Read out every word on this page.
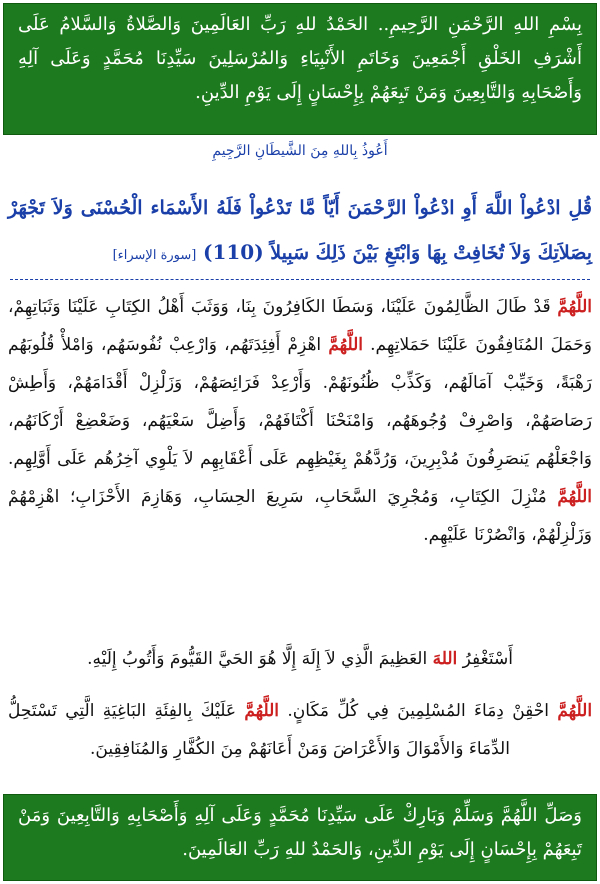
بِسْمِ اللهِ الرَّحْمَنِ الرَّحِيمِ.. الحَمْدُ للهِ رَبِّ العَالَمِينَ وَالصَّلاةُ وَالسَّلامُ عَلَى أَشْرَفِ الخَلْقِ أَجْمَعِينَ وَخَاتَمِ الأَنْبِيَاءِ وَالمُرْسَلِينَ سَيِّدِنَا مُحَمَّدٍ وَعَلَى آلِهِ وَأَصْحَابِهِ وَالتَّابِعِينَ وَمَنْ تَبِعَهُمْ بِإِحْسَانٍ إِلَى يَوْمِ الدِّينِ.
أَعُوذُ بِاللهِ مِنَ الشَّيطَانِ الرَّجِيمِ
قُلِ ادْعُواْ اللَّهَ أَوِ ادْعُواْ الرَّحْمَنَ أَيّاً مَّا تَدْعُواْ فَلَهُ الأَسْمَاء الْحُسْنَى وَلاَ تَجْهَرْ بِصَلاَتِكَ وَلاَ تُخَافِتْ بِهَا وَابْتَغِ بَيْنَ ذَلِكَ سَبِيلاً (110) [سورة الإسراء]
اللَّهُمَّ قَدْ طَالَ الظَّالِمُونَ عَلَيْنَا، وَسَطَا الكَافِرُونَ بِنَا، وَوَثَبَ أَهْلُ الكِتَابِ عَلَيْنَا وَثَبَاتِهِمْ، وَحَمَلَ المُنَافِقُونَ عَلَيْنَا حَمَلاتِهِم. اللَّهُمَّ اهْزِمْ أَفِئِدَتَهُم، وَارْعِبْ نُفُوسَهُم، وَامْلأْ قُلُوبَهُم رَهْبَةً، وَخَيِّبْ آمَالَهُم، وَكَذِّبْ ظُنُونَهُمْ. وَأَرْعِدْ فَرَائِصَهُمْ، وَزَلْزِلْ أَقْدَامَهُمْ، وَأَطِشْ رَصَاصَهُمْ، وَاصْرِفْ وُجُوهَهُم، وَامْنَحْنَا أَكْتَافَهُمْ، وَأَضِلَّ سَعْيَهُم، وَضَعْضِعْ أَرْكَانَهُم، وَاجْعَلْهُم يَنصَرِفُونَ مُدْبِرِينَ، وَرُدَّهُمْ بِغَيْظِهِم عَلَى أَعْقَابِهِم لاَ يَلْوِي آخِرُهُم عَلَى أَوَّلِهِم. اللَّهُمَّ مُنْزِلَ الكِتَابِ، وَمُجْرِيَ السَّحَابِ، سَرِيعَ الحِسَابِ، وَهَازِمَ الأَحْزَابِ؛ اهْزِمْهُمْ وَزَلْزِلْهُمْ، وَانْصُرْنَا عَلَيْهِم.
أَسْتَغْفِرُ اللهَ العَظِيمَ الَّذِي لاَ إِلَهَ إِلَّا هُوَ الحَيَّ القَيُّومَ وَأَتُوبُ إِلَيْهِ.
اللَّهُمَّ احْقِنْ دِمَاءَ المُسْلِمِينَ فِي كُلِّ مَكَانٍ. اللَّهُمَّ عَلَيْكَ بِالفِئَةِ البَاغِيَةِ الَّتِي تَسْتَحِلُّ الدِّمَاءَ وَالأَمْوَالَ وَالأَعْرَاضَ وَمَنْ أَعَانَهُمْ مِنَ الكُفَّارِ وَالمُنَافِقِينَ.
وَصَلِّ اللَّهُمَّ وَسَلِّمْ وَبَارِكْ عَلَى سَيِّدِنَا مُحَمَّدٍ وَعَلَى آلِهِ وَأَصْحَابِهِ وَالتَّابِعِينَ وَمَنْ تَبِعَهُمْ بِإِحْسَانٍ إِلَى يَوْمِ الدِّينِ، وَالحَمْدُ للهِ رَبِّ العَالَمِينَ.
